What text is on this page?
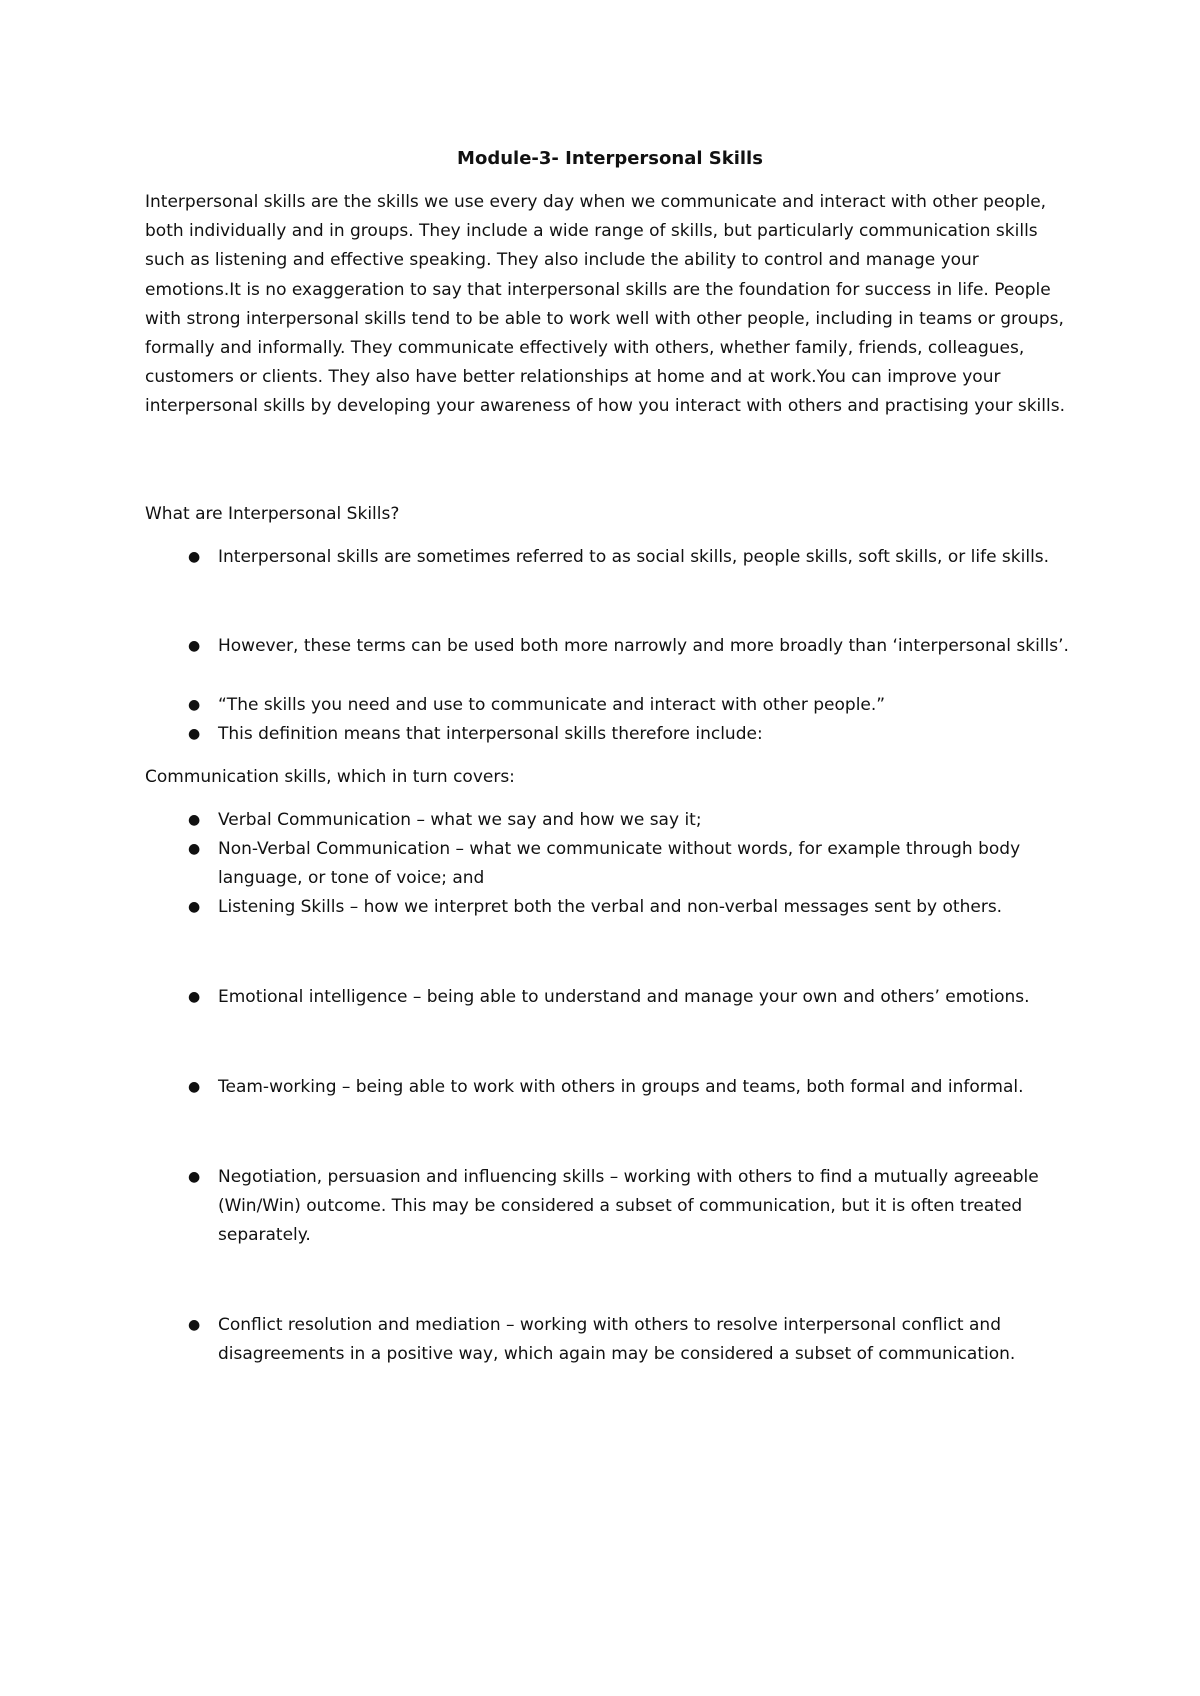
Module-3- Interpersonal Skills

Interpersonal skills are the skills we use every day when we communicate and interact with other people, both individually and in groups. They include a wide range of skills, but particularly communication skills such as listening and effective speaking. They also include the ability to control and manage your emotions.It is no exaggeration to say that interpersonal skills are the foundation for success in life. People with strong interpersonal skills tend to be able to work well with other people, including in teams or groups, formally and informally. They communicate effectively with others, whether family, friends, colleagues, customers or clients. They also have better relationships at home and at work.You can improve your interpersonal skills by developing your awareness of how you interact with others and practising your skills.

What are Interpersonal Skills?

● Interpersonal skills are sometimes referred to as social skills, people skills, soft skills, or life skills.
● However, these terms can be used both more narrowly and more broadly than ‘interpersonal skills’.
● “The skills you need and use to communicate and interact with other people.”
● This definition means that interpersonal skills therefore include:

Communication skills, which in turn covers:

● Verbal Communication – what we say and how we say it;
● Non-Verbal Communication – what we communicate without words, for example through body language, or tone of voice; and
● Listening Skills – how we interpret both the verbal and non-verbal messages sent by others.
● Emotional intelligence – being able to understand and manage your own and others’ emotions.
● Team-working – being able to work with others in groups and teams, both formal and informal.
● Negotiation, persuasion and influencing skills – working with others to find a mutually agreeable (Win/Win) outcome. This may be considered a subset of communication, but it is often treated separately.
● Conflict resolution and mediation – working with others to resolve interpersonal conflict and disagreements in a positive way, which again may be considered a subset of communication.
